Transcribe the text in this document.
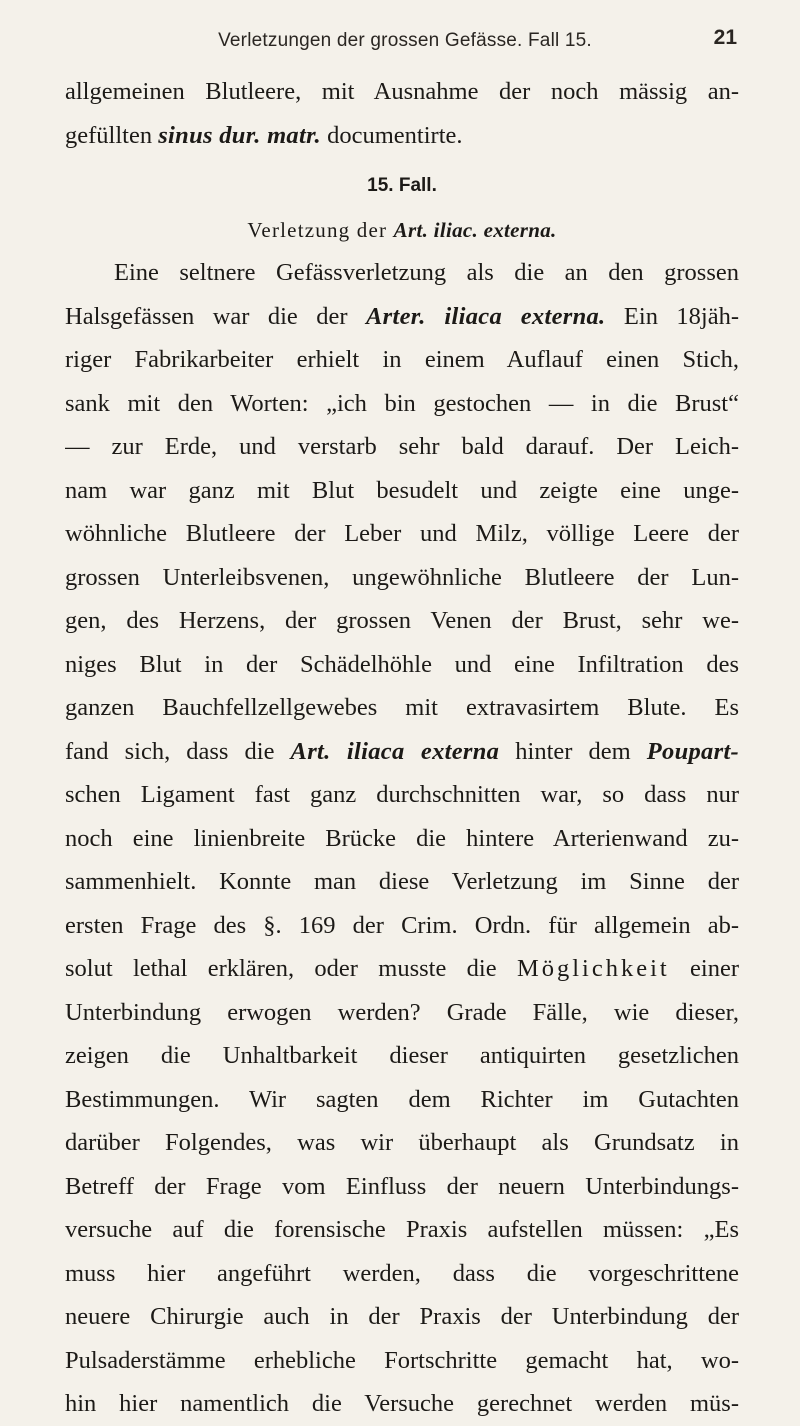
Verletzungen der grossen Gefässe. Fall 15.	21
allgemeinen Blutleere, mit Ausnahme der noch mässig an-
gefüllten sinus dur. matr. documentirte.
15. Fall.
Verletzung der Art. iliac. externa.
Eine seltnere Gefässverletzung als die an den grossen
Halsgefässen war die der Arter. iliaca externa. Ein 18jäh-
riger Fabrikarbeiter erhielt in einem Auflauf einen Stich,
sank mit den Worten: „ich bin gestochen — in die Brust“
— zur Erde, und verstarb sehr bald darauf. Der Leich-
nam war ganz mit Blut besudelt und zeigte eine unge-
wöhnliche Blutleere der Leber und Milz, völlige Leere der
grossen Unterleibsvenen, ungewöhnliche Blutleere der Lun-
gen, des Herzens, der grossen Venen der Brust, sehr we-
niges Blut in der Schädelhöhle und eine Infiltration des
ganzen Bauchfellzellgewebes mit extravasirtem Blute. Es
fand sich, dass die Art. iliaca externa hinter dem Poupart-
schen Ligament fast ganz durchschnitten war, so dass nur
noch eine linienbreite Brücke die hintere Arterienwand zu-
sammenhielt. Konnte man diese Verletzung im Sinne der
ersten Frage des §. 169 der Crim. Ordn. für allgemein ab-
solut lethal erklären, oder musste die Möglichkeit einer
Unterbindung erwogen werden? Grade Fälle, wie dieser,
zeigen die Unhaltbarkeit dieser antiquirten gesetzlichen
Bestimmungen. Wir sagten dem Richter im Gutachten
darüber Folgendes, was wir überhaupt als Grundsatz in
Betreff der Frage vom Einfluss der neuern Unterbindungs-
versuche auf die forensische Praxis aufstellen müssen: „Es
muss hier angeführt werden, dass die vorgeschrittene
neuere Chirurgie auch in der Praxis der Unterbindung der
Pulsaderstämme erhebliche Fortschritte gemacht hat, wo-
hin hier namentlich die Versuche gerechnet werden müs-
